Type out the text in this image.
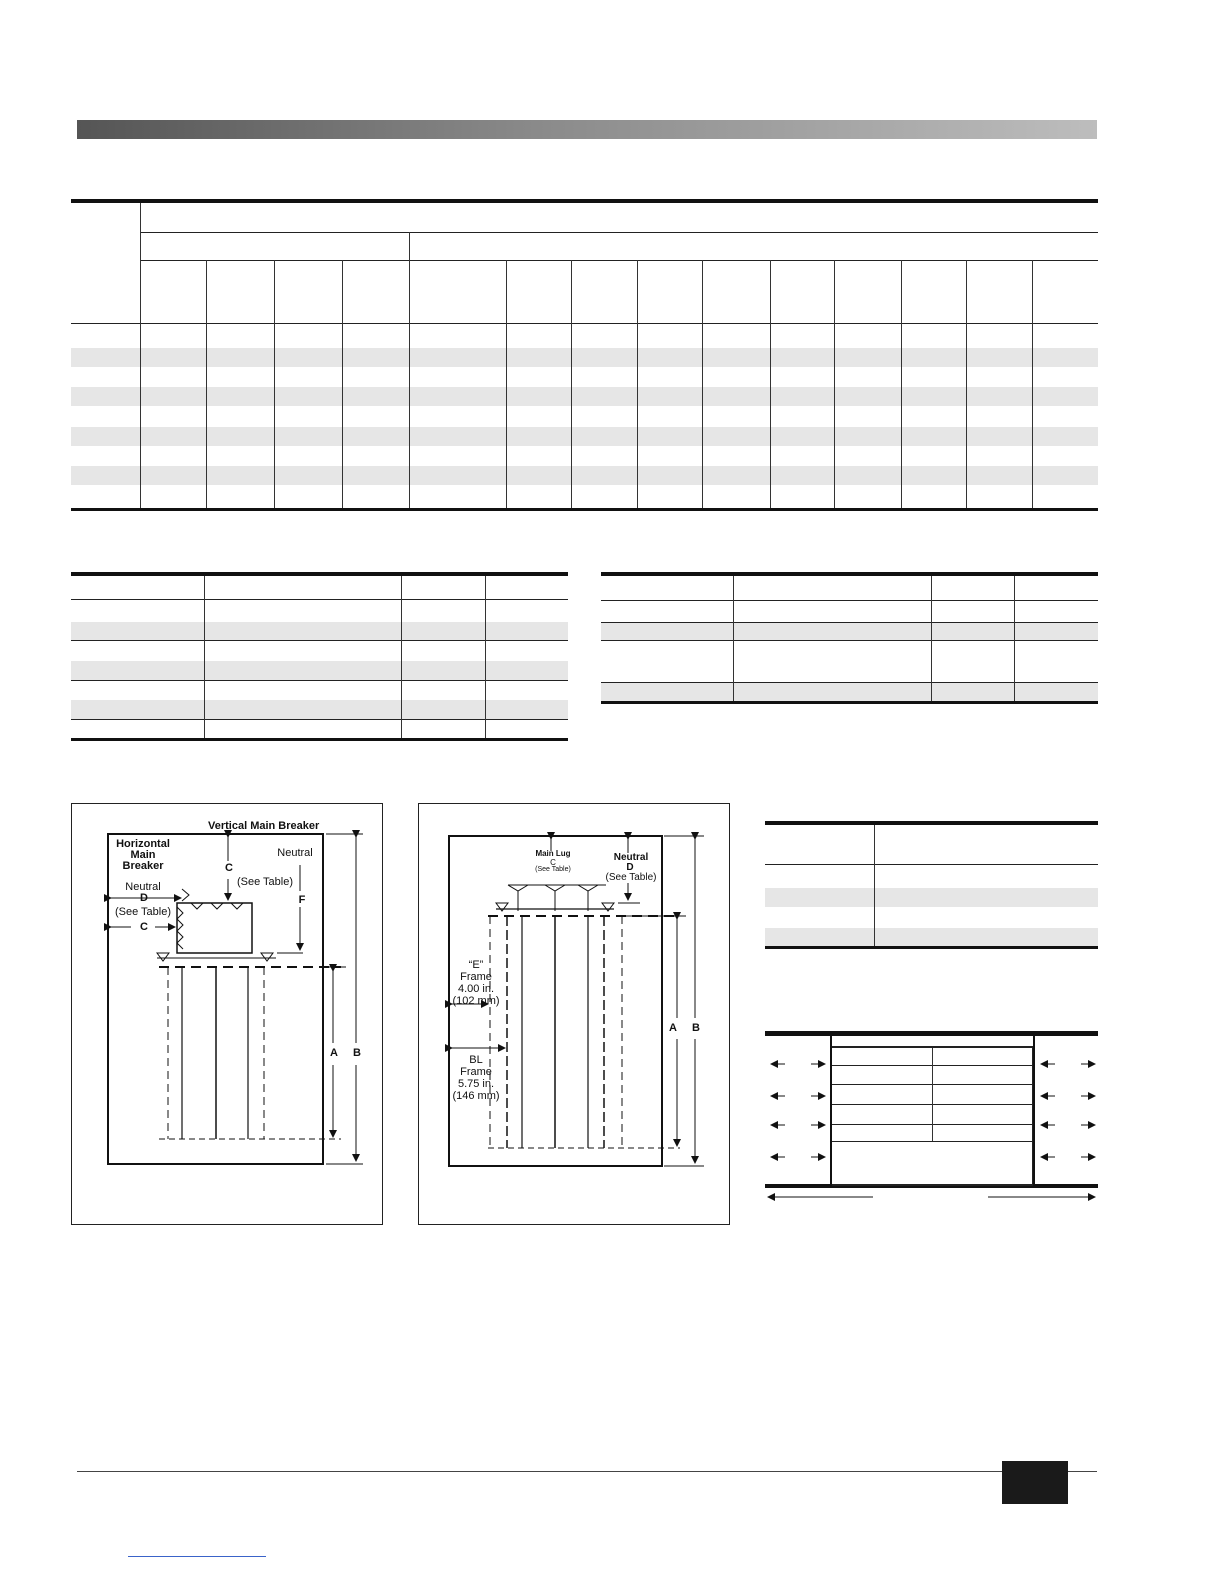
Vertical Main Breaker
Horizontal
Main
Breaker
Neutral
C
(See Table)
F
Neutral
D
(See Table)
C
A B
Main Lug
C
(See Table)
Neutral
D
(See Table)
“E”
Frame
4.00 in.
(102 mm)
BL
Frame
5.75 in.
(146 mm)
A B
